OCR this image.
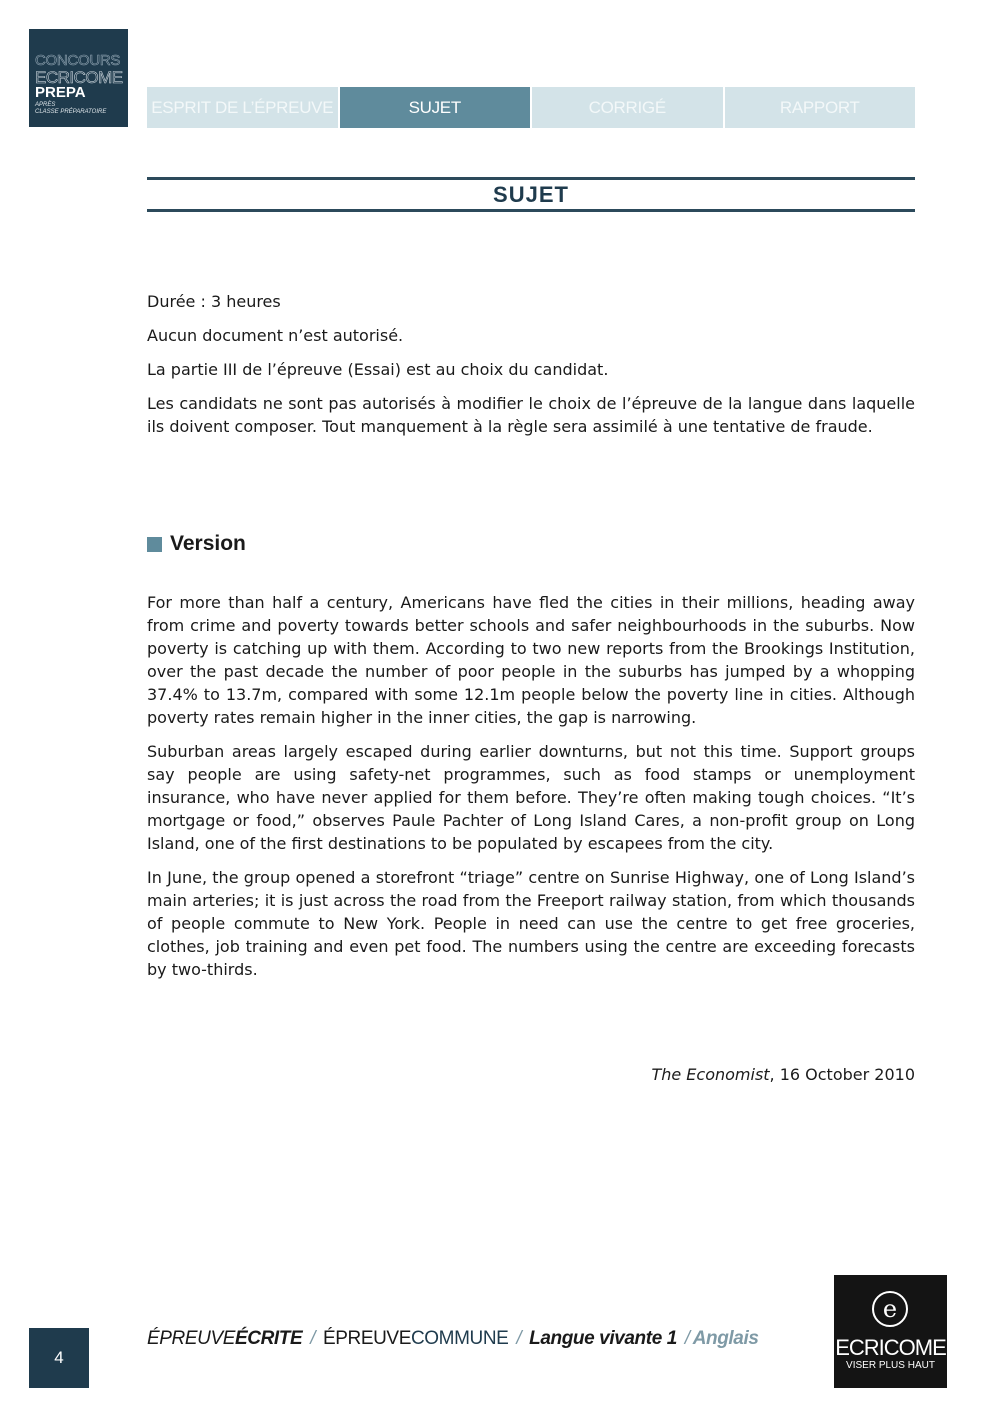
CONCOURS
ECRICOME
PREPA
APRÈS
CLASSE PRÉPARATOIRE	ESPRIT DE L’ÉPREUVE	SUJET	CORRIGÉ	RAPPORT
SUJET

Durée : 3 heures

Aucun document n’est autorisé.

La partie III de l’épreuve (Essai) est au choix du candidat.

Les candidats ne sont pas autorisés à modifier le choix de l’épreuve de la langue dans laquelle ils doivent composer. Tout manquement à la règle sera assimilé à une tentative de fraude.

Version

For more than half a century, Americans have fled the cities in their millions, heading away from crime and poverty towards better schools and safer neighbourhoods in the suburbs. Now poverty is catching up with them. According to two new reports from the Brookings Institution, over the past decade the number of poor people in the suburbs has jumped by a whopping 37.4% to 13.7m, compared with some 12.1m people below the poverty line in cities. Although poverty rates remain higher in the inner cities, the gap is narrowing.

Suburban areas largely escaped during earlier downturns, but not this time. Support groups say people are using safety-net programmes, such as food stamps or unemployment insurance, who have never applied for them before. They’re often making tough choices. “It’s mortgage or food,” observes Paule Pachter of Long Island Cares, a non-profit group on Long Island, one of the first destinations to be populated by escapees from the city.

In June, the group opened a storefront “triage” centre on Sunrise Highway, one of Long Island’s main arteries; it is just across the road from the Freeport railway station, from which thousands of people commute to New York. People in need can use the centre to get free groceries, clothes, job training and even pet food. The numbers using the centre are exceeding forecasts by two-thirds.

The Economist, 16 October 2010
4
ÉPREUVEÉCRITE / ÉPREUVECOMMUNE / Langue vivante 1 / Anglais
e
ECRICOME
VISER PLUS HAUT
